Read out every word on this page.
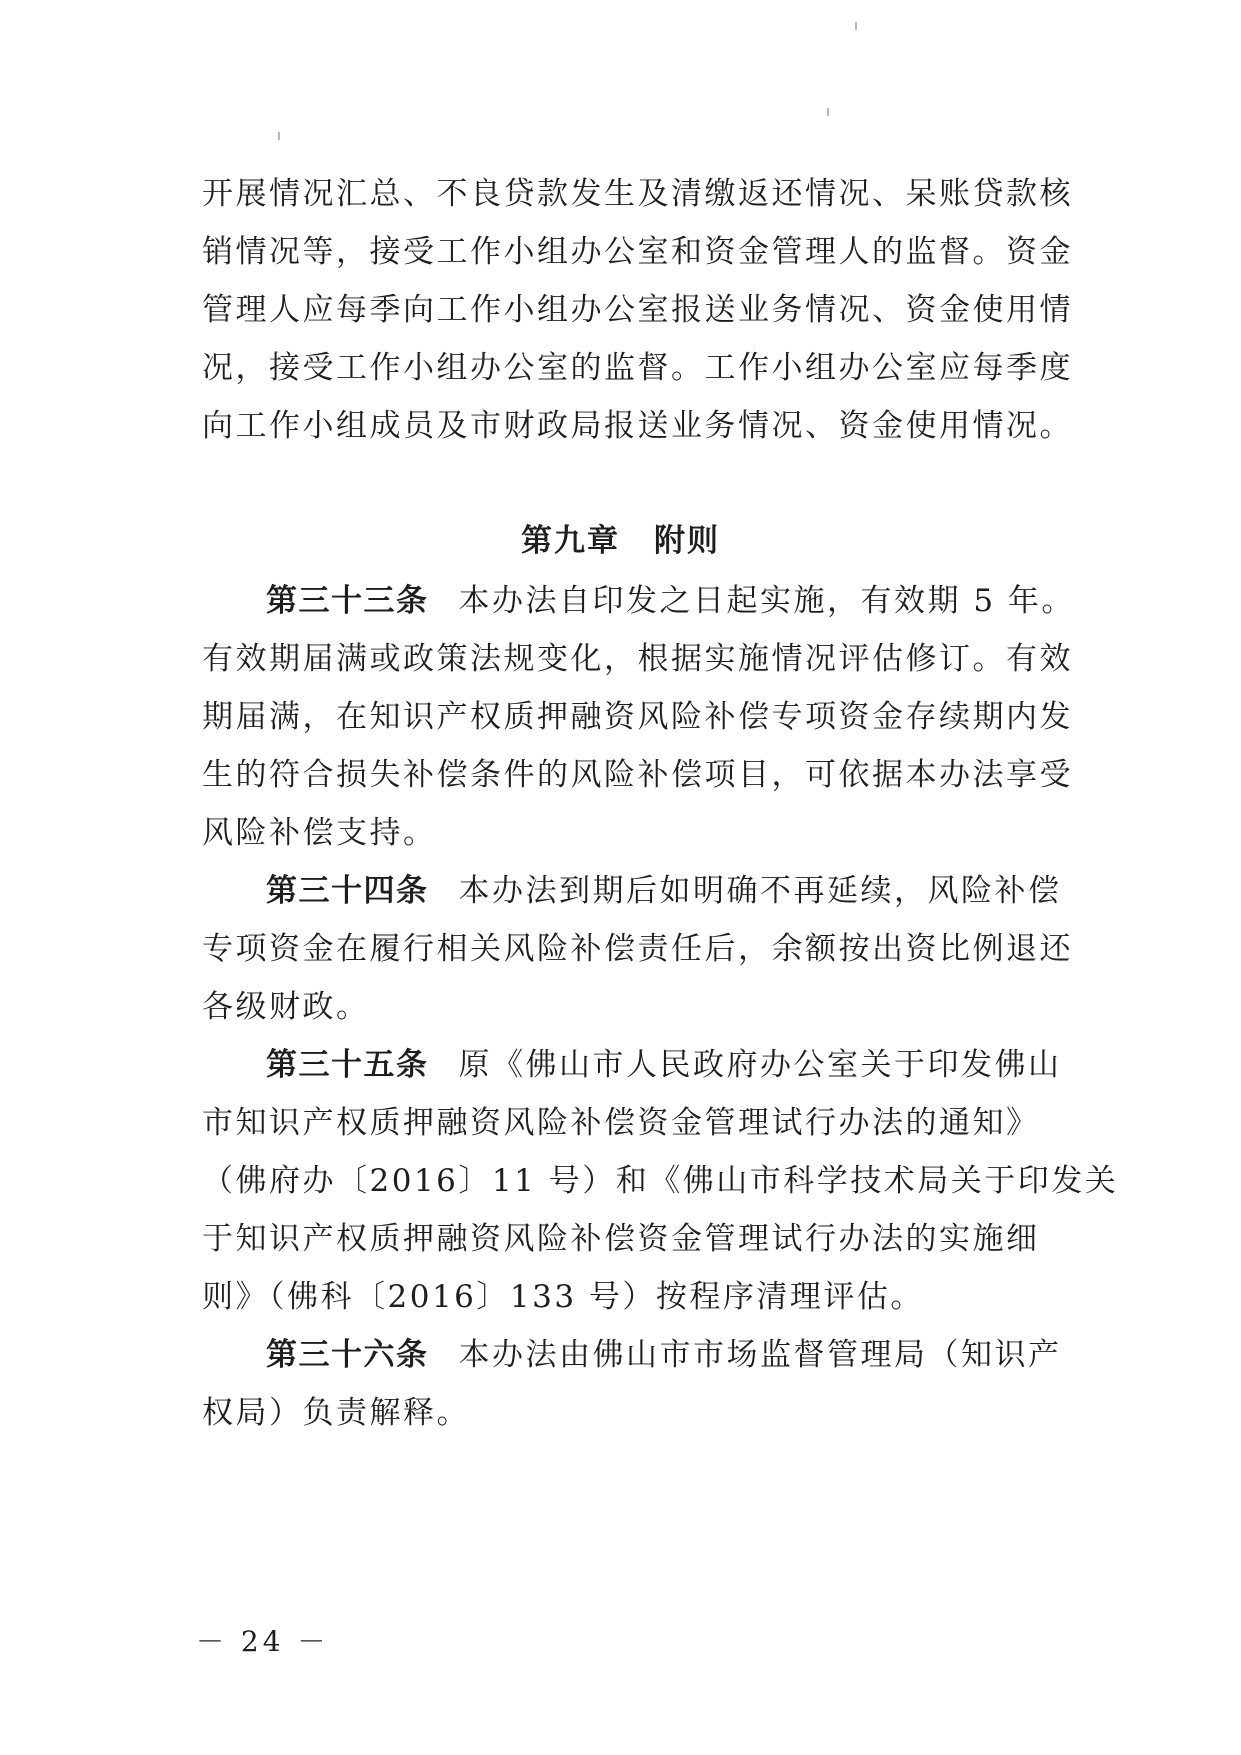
开展情况汇总、不良贷款发生及清缴返还情况、呆账贷款核
销情况等，接受工作小组办公室和资金管理人的监督。资金
管理人应每季向工作小组办公室报送业务情况、资金使用情
况，接受工作小组办公室的监督。工作小组办公室应每季度
向工作小组成员及市财政局报送业务情况、资金使用情况。
第九章 附则
第三十三条 本办法自印发之日起实施，有效期 5 年。
有效期届满或政策法规变化，根据实施情况评估修订。有效
期届满，在知识产权质押融资风险补偿专项资金存续期内发
生的符合损失补偿条件的风险补偿项目，可依据本办法享受
风险补偿支持。
第三十四条 本办法到期后如明确不再延续，风险补偿
专项资金在履行相关风险补偿责任后，余额按出资比例退还
各级财政。
第三十五条 原《佛山市人民政府办公室关于印发佛山
市知识产权质押融资风险补偿资金管理试行办法的通知》
（佛府办〔2016〕11 号）和《佛山市科学技术局关于印发关
于知识产权质押融资风险补偿资金管理试行办法的实施细
则》（佛科〔2016〕133 号）按程序清理评估。
第三十六条 本办法由佛山市市场监督管理局（知识产
权局）负责解释。
－ 24 －
